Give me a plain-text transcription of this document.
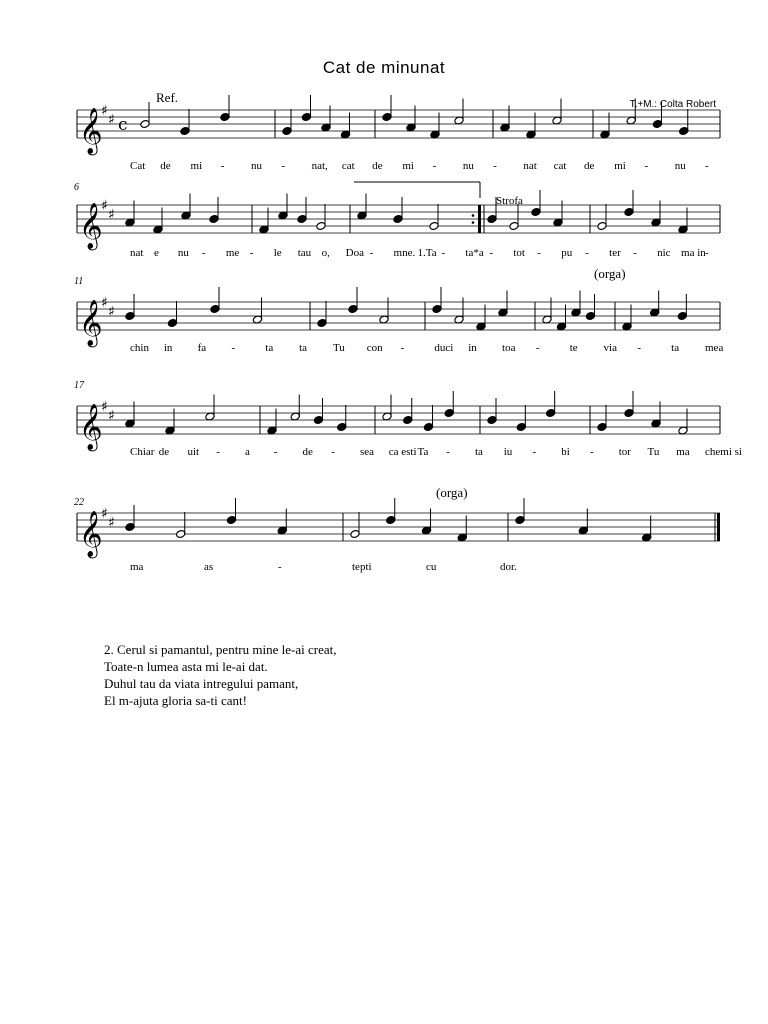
Cat de minunat
T.+M.: Colta Robert
Ref.
Strofa
(orga)
(orga)
6
11
17
22
Cat de mi - nu - nat, cat de mi - nu - nat cat de mi - nu -
nat e nu - me - le tau o, Doa - mne. 1.Ta - ta*a - tot - pu - ter - nic ma in -
chin in fa -	ta ta Tu con -	duci in toa -	te via -	ta mea
Chiar de uit - a - de - sea ca esti Ta - ta iu - bi - tor Tu ma chemi si
ma	as	-	tepti	cu	dor.
𝄞
♯
♯ c
𝄞
♯
♯
𝄞
♯
♯
𝄞
♯
♯
𝄞
♯
♯
2. Cerul si pamantul, pentru mine le-ai creat,
Toate-n lumea asta mi le-ai dat.
Duhul tau da viata intregului pamant,
El m-ajuta gloria sa-ti cant!
